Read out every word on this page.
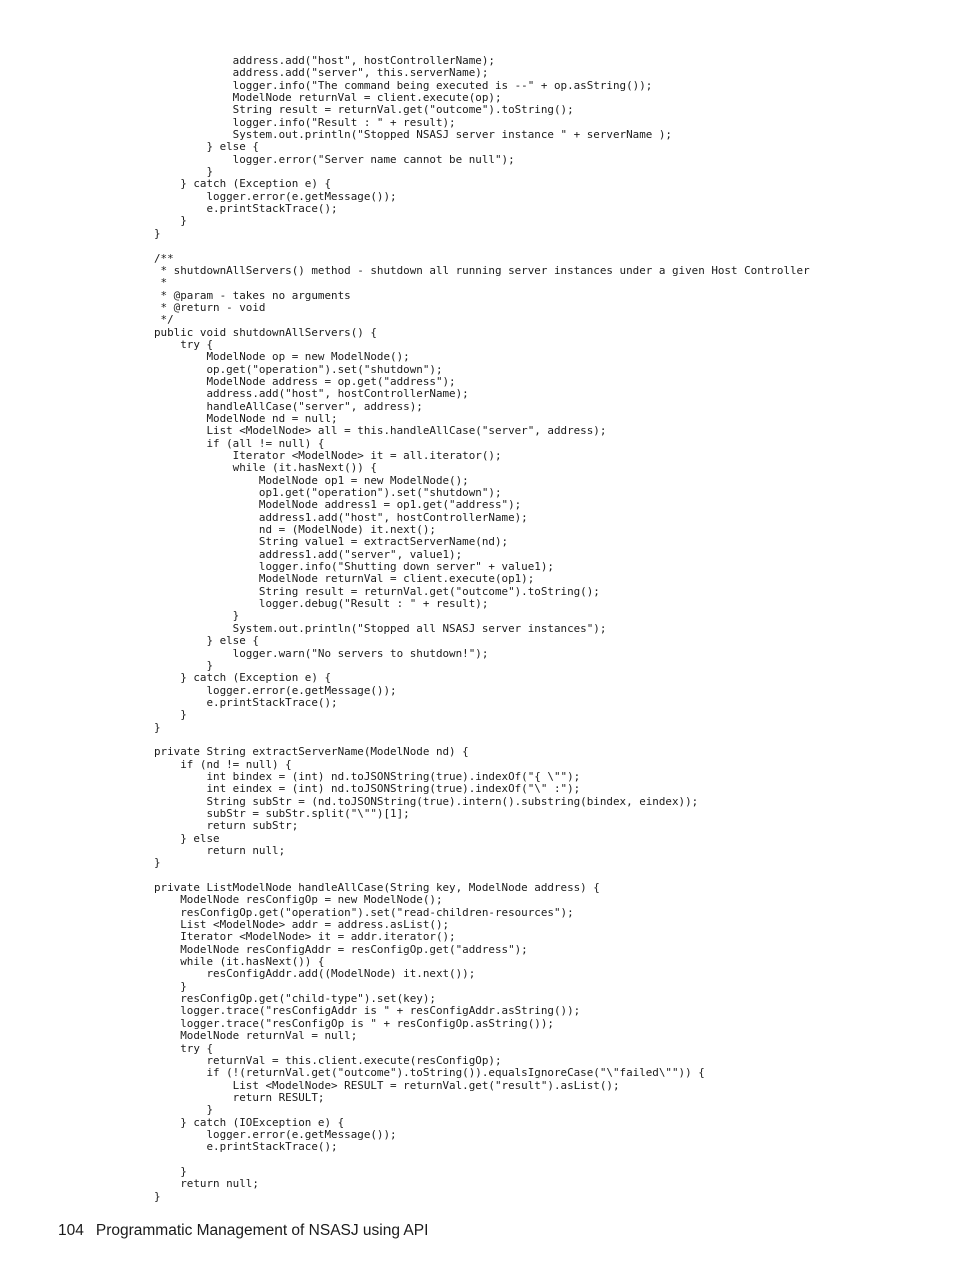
address.add("host", hostControllerName);
address.add("server", this.serverName);
logger.info("The command being executed is --" + op.asString());
ModelNode returnVal = client.execute(op);
String result = returnVal.get("outcome").toString();
logger.info("Result : " + result);
System.out.println("Stopped NSASJ server instance " + serverName );
} else {
logger.error("Server name cannot be null");
}
} catch (Exception e) {
logger.error(e.getMessage());
e.printStackTrace();
}
}
/**
* shutdownAllServers() method - shutdown all running server instances under a given Host Controller
*
* @param - takes no arguments
* @return - void
*/
public void shutdownAllServers() {
try {
ModelNode op = new ModelNode();
op.get("operation").set("shutdown");
ModelNode address = op.get("address");
address.add("host", hostControllerName);
handleAllCase("server", address);
ModelNode nd = null;
List <ModelNode> all = this.handleAllCase("server", address);
if (all != null) {
Iterator <ModelNode> it = all.iterator();
while (it.hasNext()) {
ModelNode op1 = new ModelNode();
op1.get("operation").set("shutdown");
ModelNode address1 = op1.get("address");
address1.add("host", hostControllerName);
nd = (ModelNode) it.next();
String value1 = extractServerName(nd);
address1.add("server", value1);
logger.info("Shutting down server" + value1);
ModelNode returnVal = client.execute(op1);
String result = returnVal.get("outcome").toString();
logger.debug("Result : " + result);
}
System.out.println("Stopped all NSASJ server instances");
} else {
logger.warn("No servers to shutdown!");
}
} catch (Exception e) {
logger.error(e.getMessage());
e.printStackTrace();
}
}
private String extractServerName(ModelNode nd) {
if (nd != null) {
int bindex = (int) nd.toJSONString(true).indexOf("{ \"");
int eindex = (int) nd.toJSONString(true).indexOf("\" :");
String subStr = (nd.toJSONString(true).intern().substring(bindex, eindex));
subStr = subStr.split("\"")[1];
return subStr;
} else
return null;
}
private ListModelNode handleAllCase(String key, ModelNode address) {
ModelNode resConfigOp = new ModelNode();
resConfigOp.get("operation").set("read-children-resources");
List <ModelNode> addr = address.asList();
Iterator <ModelNode> it = addr.iterator();
ModelNode resConfigAddr = resConfigOp.get("address");
while (it.hasNext()) {
resConfigAddr.add((ModelNode) it.next());
}
resConfigOp.get("child-type").set(key);
logger.trace("resConfigAddr is " + resConfigAddr.asString());
logger.trace("resConfigOp is " + resConfigOp.asString());
ModelNode returnVal = null;
try {
returnVal = this.client.execute(resConfigOp);
if (!(returnVal.get("outcome").toString()).equalsIgnoreCase("\"failed\"")) {
List <ModelNode> RESULT = returnVal.get("result").asList();
return RESULT;
}
} catch (IOException e) {
logger.error(e.getMessage());
e.printStackTrace();
}
return null;
}
104 Programmatic Management of NSASJ using API
